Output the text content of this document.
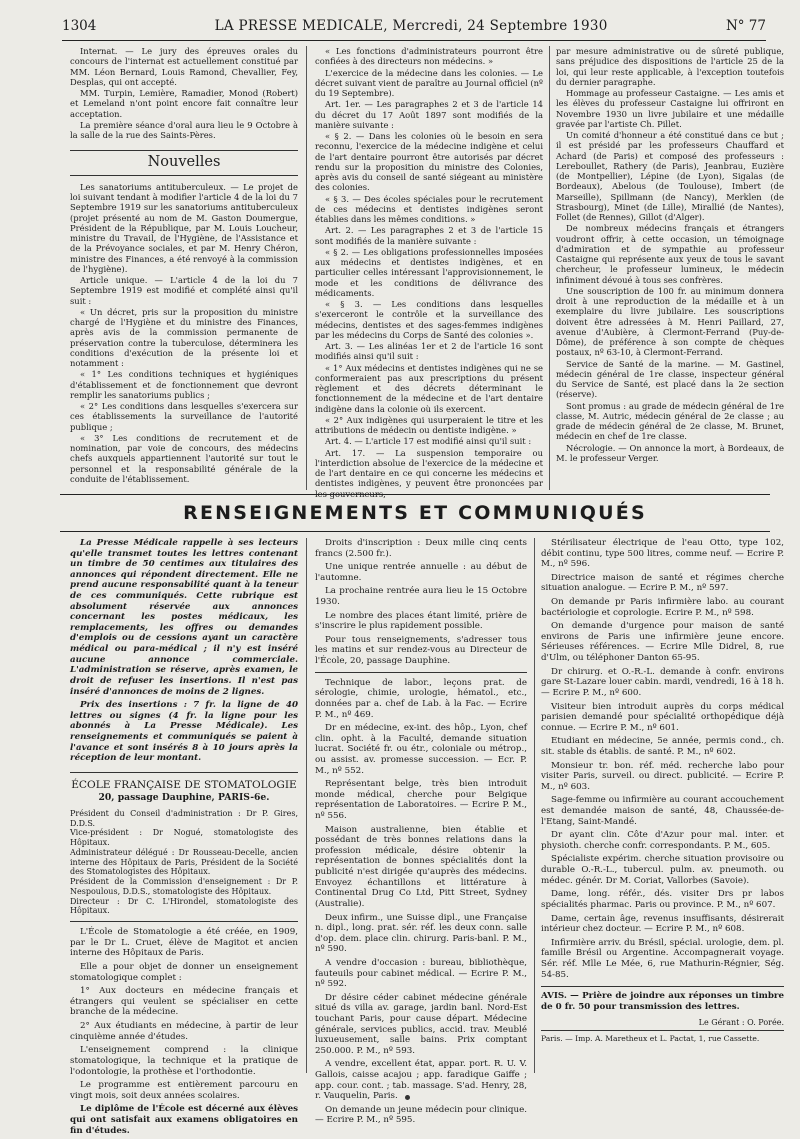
1304	LA PRESSE MEDICALE, Mercredi, 24 Septembre 1930	N° 77

Internat. — Le jury des épreuves orales du concours de l'internat est actuellement constitué par MM. Léon Bernard, Louis Ramond, Chevallier, Fey, Desplas, qui ont accepté.

MM. Turpin, Lemière, Ramadier, Monod (Robert) et Lemeland n'ont point encore fait connaître leur acceptation.

La première séance d'oral aura lieu le 9 Octobre à la salle de la rue des Saints-Pères.

Nouvelles

Les sanatoriums antituberculeux. — Le projet de loi suivant tendant à modifier l'article 4 de la loi du 7 Septembre 1919 sur les sanatoriums antituberculeux (projet présenté au nom de M. Gaston Doumergue, Président de la République, par M. Louis Loucheur, ministre du Travail, de l'Hygiène, de l'Assistance et de la Prévoyance sociales, et par M. Henry Chéron, ministre des Finances, a été renvoyé à la commission de l'hygiène).

Article unique. — L'article 4 de la loi du 7 Septembre 1919 est modifié et complété ainsi qu'il suit :

« Un décret, pris sur la proposition du ministre chargé de l'Hygiène et du ministre des Finances, après avis de la commission permanente de préservation contre la tuberculose, déterminera les conditions d'exécution de la présente loi et notamment :

« 1° Les conditions techniques et hygiéniques d'établissement et de fonctionnement que devront remplir les sanatoriums publics ;

« 2° Les conditions dans lesquelles s'exercera sur ces établissements la surveillance de l'autorité publique ;

« 3° Les conditions de recrutement et de nomination, par voie de concours, des médecins chefs auxquels appartiennent l'autorité sur tout le personnel et la responsabilité générale de la conduite de l'établissement.

« Les fonctions d'administrateurs pourront être confiées à des directeurs non médecins. »

L'exercice de la médecine dans les colonies. — Le décret suivant vient de paraître au Journal officiel (nº du 19 Septembre).

Art. 1er. — Les paragraphes 2 et 3 de l'article 14 du décret du 17 Août 1897 sont modifiés de la manière suivante :

« § 2. — Dans les colonies où le besoin en sera reconnu, l'exercice de la médecine indigène et celui de l'art dentaire pourront être autorisés par décret rendu sur la proposition du ministre des Colonies, après avis du conseil de santé siégeant au ministère des colonies.

« § 3. — Des écoles spéciales pour le recrutement de ces médecins et dentistes indigènes seront établies dans les mêmes conditions. »

Art. 2. — Les paragraphes 2 et 3 de l'article 15 sont modifiés de la manière suivante :

« § 2. — Les obligations professionnelles imposées aux médecins et dentistes indigènes, et en particulier celles intéressant l'approvisionnement, le mode et les conditions de délivrance des médicaments.

« § 3. — Les conditions dans lesquelles s'exerceront le contrôle et la surveillance des médecins, dentistes et des sages-femmes indigènes par les médecins du Corps de Santé des colonies ».

Art. 3. — Les alinéas 1er et 2 de l'article 16 sont modifiés ainsi qu'il suit :

« 1° Aux médecins et dentistes indigènes qui ne se conformeraient pas aux prescriptions du présent règlement et des décrets déterminant le fonctionnement de la médecine et de l'art dentaire indigène dans la colonie où ils exercent.

« 2° Aux indigènes qui usurperaient le titre et les attributions de médecin ou dentiste indigène. »

Art. 4. — L'article 17 est modifié ainsi qu'il suit :

Art. 17. — La suspension temporaire ou l'interdiction absolue de l'exercice de la médecine et de l'art dentaire en ce qui concerne les médecins et dentistes indigènes, y peuvent être prononcées par les gouverneurs,

par mesure administrative ou de sûreté publique, sans préjudice des dispositions de l'article 25 de la loi, qui leur reste applicable, à l'exception toutefois du dernier paragraphe.

Hommage au professeur Castaigne. — Les amis et les élèves du professeur Castaigne lui offriront en Novembre 1930 un livre jubilaire et une médaille gravée par l'artiste Ch. Pillet.

Un comité d'honneur a été constitué dans ce but ; il est présidé par les professeurs Chauffard et Achard (de Paris) et composé des professeurs : Lereboullet, Rathery (de Paris), Jeanbrau, Euzière (de Montpellier), Lépine (de Lyon), Sigalas (de Bordeaux), Abelous (de Toulouse), Imbert (de Marseille), Spillmann (de Nancy), Merklen (de Strasbourg), Minet (de Lille), Mirallié (de Nantes), Follet (de Rennes), Gillot (d'Alger).

De nombreux médecins français et étrangers voudront offrir, à cette occasion, un témoignage d'admiration et de sympathie au professeur Castaigne qui représente aux yeux de tous le savant chercheur, le professeur lumineux, le médecin infiniment dévoué à tous ses confrères.

Une souscription de 100 fr. au minimum donnera droit à une reproduction de la médaille et à un exemplaire du livre jubilaire. Les souscriptions doivent être adressées à M. Henri Paillard, 27, avenue d'Aubière, à Clermont-Ferrand (Puy-de-Dôme), de préférence à son compte de chèques postaux, nº 63-10, à Clermont-Ferrand.

Service de Santé de la marine. — M. Gastinel, médecin général de 1re classe, inspecteur général du Service de Santé, est placé dans la 2e section (réserve).

Sont promus : au grade de médecin général de 1re classe, M. Autric, médecin général de 2e classe ; au grade de médecin général de 2e classe, M. Brunet, médecin en chef de 1re classe.

Nécrologie. — On annonce la mort, à Bordeaux, de M. le professeur Verger.

RENSEIGNEMENTS ET COMMUNIQUÉS

La Presse Médicale rappelle à ses lecteurs qu'elle transmet toutes les lettres contenant un timbre de 50 centimes aux titulaires des annonces qui répondent directement. Elle ne prend aucune responsabilité quant à la teneur de ces communiqués. Cette rubrique est absolument réservée aux annonces concernant les postes médicaux, les remplacements, les offres ou demandes d'emplois ou de cessions ayant un caractère médical ou para-médical ; il n'y est inséré aucune annonce commerciale. L'administration se réserve, après examen, le droit de refuser les insertions. Il n'est pas inséré d'annonces de moins de 2 lignes.

Prix des insertions : 7 fr. la ligne de 40 lettres ou signes (4 fr. la ligne pour les abonnés à La Presse Médicale). Les renseignements et communiqués se paient à l'avance et sont insérés 8 à 10 jours après la réception de leur montant.

ÉCOLE FRANÇAISE DE STOMATOLOGIE
20, passage Dauphine, PARIS-6e.

Président du Conseil d'administration : Dr P. Gires, D.D.S.

Vice-président : Dr Nogué, stomatologiste des Hôpitaux.

Administrateur délégué : Dr Rousseau-Decelle, ancien interne des Hôpitaux de Paris, Président de la Société des Stomatologistes des Hôpitaux.

Président de la Commission d'enseignement : Dr P. Nespoulous, D.D.S., stomatologiste des Hôpitaux.

Directeur : Dr C. L'Hirondel, stomatologiste des Hôpitaux.

L'École de Stomatologie a été créée, en 1909, par le Dr L. Cruet, élève de Magitot et ancien interne des Hôpitaux de Paris.

Elle a pour objet de donner un enseignement stomatologique complet :

1° Aux docteurs en médecine français et étrangers qui veulent se spécialiser en cette branche de la médecine.

2° Aux étudiants en médecine, à partir de leur cinquième année d'études.

L'enseignement comprend : la clinique stomatologique, la technique et la pratique de l'odontologie, la prothèse et l'orthodontie.

Le programme est entièrement parcouru en vingt mois, soit deux années scolaires.

Le diplôme de l'École est décerné aux élèves qui ont satisfait aux examens obligatoires en fin d'études.

Droits d'inscription : Deux mille cinq cents francs (2.500 fr.).

Une unique rentrée annuelle : au début de l'automne.

La prochaine rentrée aura lieu le 15 Octobre 1930.

Le nombre des places étant limité, prière de s'inscrire le plus rapidement possible.

Pour tous renseignements, s'adresser tous les matins et sur rendez-vous au Directeur de l'École, 20, passage Dauphine.

Technique de labor., leçons prat. de sérologie, chimie, urologie, hématol., etc., données par a. chef de Lab. à la Fac. — Ecrire P. M., nº 469.

Dr en médecine, ex-int. des hôp., Lyon, chef clin. opht. à la Faculté, demande situation lucrat. Société fr. ou étr., coloniale ou métrop., ou assist. av. promesse succession. — Ecr. P. M., nº 552.

Représentant belge, très bien introduit monde médical, cherche pour Belgique représentation de Laboratoires. — Ecrire P. M., nº 556.

Maison australienne, bien établie et possédant de très bonnes relations dans la profession médicale, désire obtenir la représentation de bonnes spécialités dont la publicité n'est dirigée qu'auprès des médecins. Envoyez échantillons et littérature à Continental Drug Co Ltd, Pitt Street, Sydney (Australie).

Deux infirm., une Suisse dipl., une Française n. dipl., long. prat. sér. réf. les deux conn. salle d'op. dem. place clin. chirurg. Paris-banl. P. M., nº 590.

A vendre d'occasion : bureau, bibliothèque, fauteuils pour cabinet médical. — Ecrire P. M., nº 592.

Dr désire céder cabinet médecine générale situé ds villa av. garage, jardin banl. Nord-Est touchant Paris, pour cause départ. Médecine générale, services publics, accid. trav. Meublé luxueusement, salle bains. Prix comptant 250.000. P. M., nº 593.

A vendre, excellent état, appar. port. R. U. V. Gallois, caisse acajou ; app. faradique Gaiffe ; app. cour. cont. ; tab. massage. S'ad. Henry, 28, r. Vauquelin, Paris.

On demande un jeune médecin pour clinique. — Ecrire P. M., nº 595.

Stérilisateur électrique de l'eau Otto, type 102, débit continu, type 500 litres, comme neuf. — Ecrire P. M., nº 596.

Directrice maison de santé et régimes cherche situation analogue. — Ecrire P. M., nº 597.

On demande pr Paris infirmière labo. au courant bactériologie et coprologie. Ecrire P. M., nº 598.

On demande d'urgence pour maison de santé environs de Paris une infirmière jeune encore. Sérieuses références. — Ecrire Mlle Didrel, 8, rue d'Ulm, ou téléphoner Danton 65-95.

Dr chirurg. et O.-R.-L. demande à confr. environs gare St-Lazare louer cabin. mardi, vendredi, 16 à 18 h. — Ecrire P. M., nº 600.

Visiteur bien introduit auprès du corps médical parisien demandé pour spécialité orthopédique déjà connue. — Ecrire P. M., nº 601.

Etudiant en médecine, 5e année, permis cond., ch. sit. stable ds établis. de santé. P. M., nº 602.

Monsieur tr. bon. réf. méd. recherche labo pour visiter Paris, surveil. ou direct. publicité. — Ecrire P. M., nº 603.

Sage-femme ou infirmière au courant accouchement est demandée maison de santé, 48, Chaussée-de-l'Etang, Saint-Mandé.

Dr ayant clin. Côte d'Azur pour mal. inter. et physioth. cherche confr. correspondants. P. M., 605.

Spécialiste expérim. cherche situation provisoire ou durable O.-R.-L., tubercul. pulm. av. pneumoth. ou médec. génér. Dr M. Coriat, Vallorbes (Savoie).

Dame, long. référ., dés. visiter Drs pr labos spécialités pharmac. Paris ou province. P. M., nº 607.

Dame, certain âge, revenus insuffisants, désirerait intérieur chez docteur. — Ecrire P. M., nº 608.

Infirmière arriv. du Brésil, spécial. urologie, dem. pl. famille Brésil ou Argentine. Accompagnerait voyage. Sér. réf. Mlle Le Mée, 6, rue Mathurin-Régnier, Ség. 54-85.

AVIS. — Prière de joindre aux réponses un timbre de 0 fr. 50 pour transmission des lettres.
Le Gérant : O. Porée.
Paris. — Imp. A. Maretheux et L. Pactat, 1, rue Cassette.
